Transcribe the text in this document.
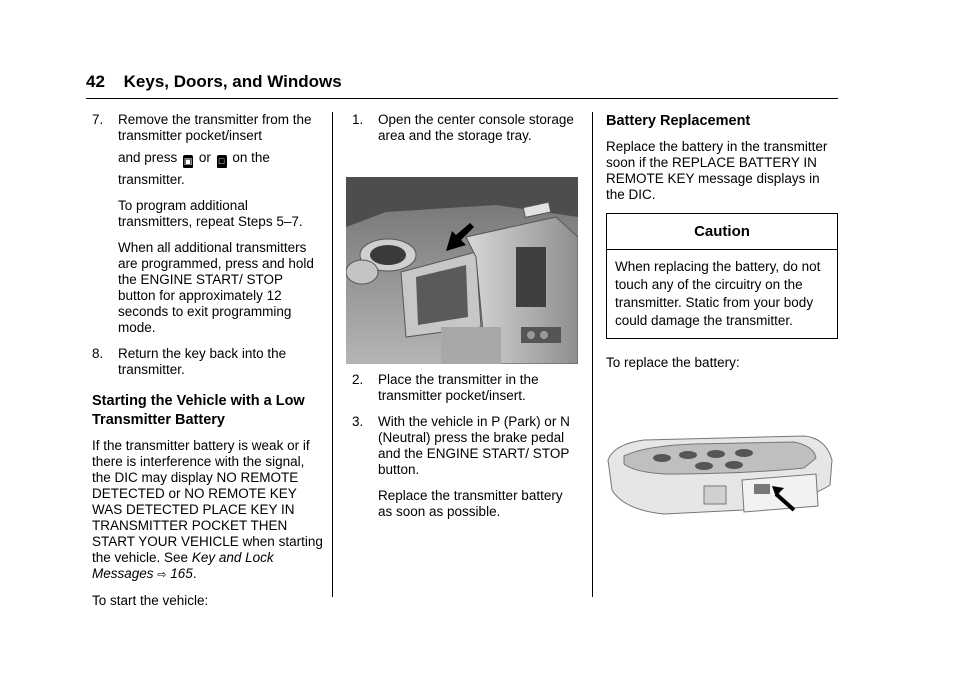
42 Keys, Doors, and Windows
7. Remove the transmitter from the transmitter pocket/insert
and press ▣ or □ on the
transmitter.
To program additional transmitters, repeat Steps 5–7.
When all additional transmitters are programmed, press and hold the ENGINE START/ STOP button for approximately 12 seconds to exit programming mode.
8. Return the key back into the transmitter.
Starting the Vehicle with a Low Transmitter Battery

If the transmitter battery is weak or if there is interference with the signal, the DIC may display NO REMOTE DETECTED or NO REMOTE KEY WAS DETECTED PLACE KEY IN TRANSMITTER POCKET THEN START YOUR VEHICLE when starting the vehicle. See Key and Lock Messages ⇨ 165.

To start the vehicle:

1. Open the center console storage area and the storage tray.
2. Place the transmitter in the transmitter pocket/insert.
3. With the vehicle in P (Park) or N (Neutral) press the brake pedal and the ENGINE START/ STOP button.
Replace the transmitter battery as soon as possible.
Battery Replacement

Replace the battery in the transmitter soon if the REPLACE BATTERY IN REMOTE KEY message displays in the DIC.

Caution
When replacing the battery, do not touch any of the circuitry on the transmitter. Static from your body could damage the transmitter.

To replace the battery:
